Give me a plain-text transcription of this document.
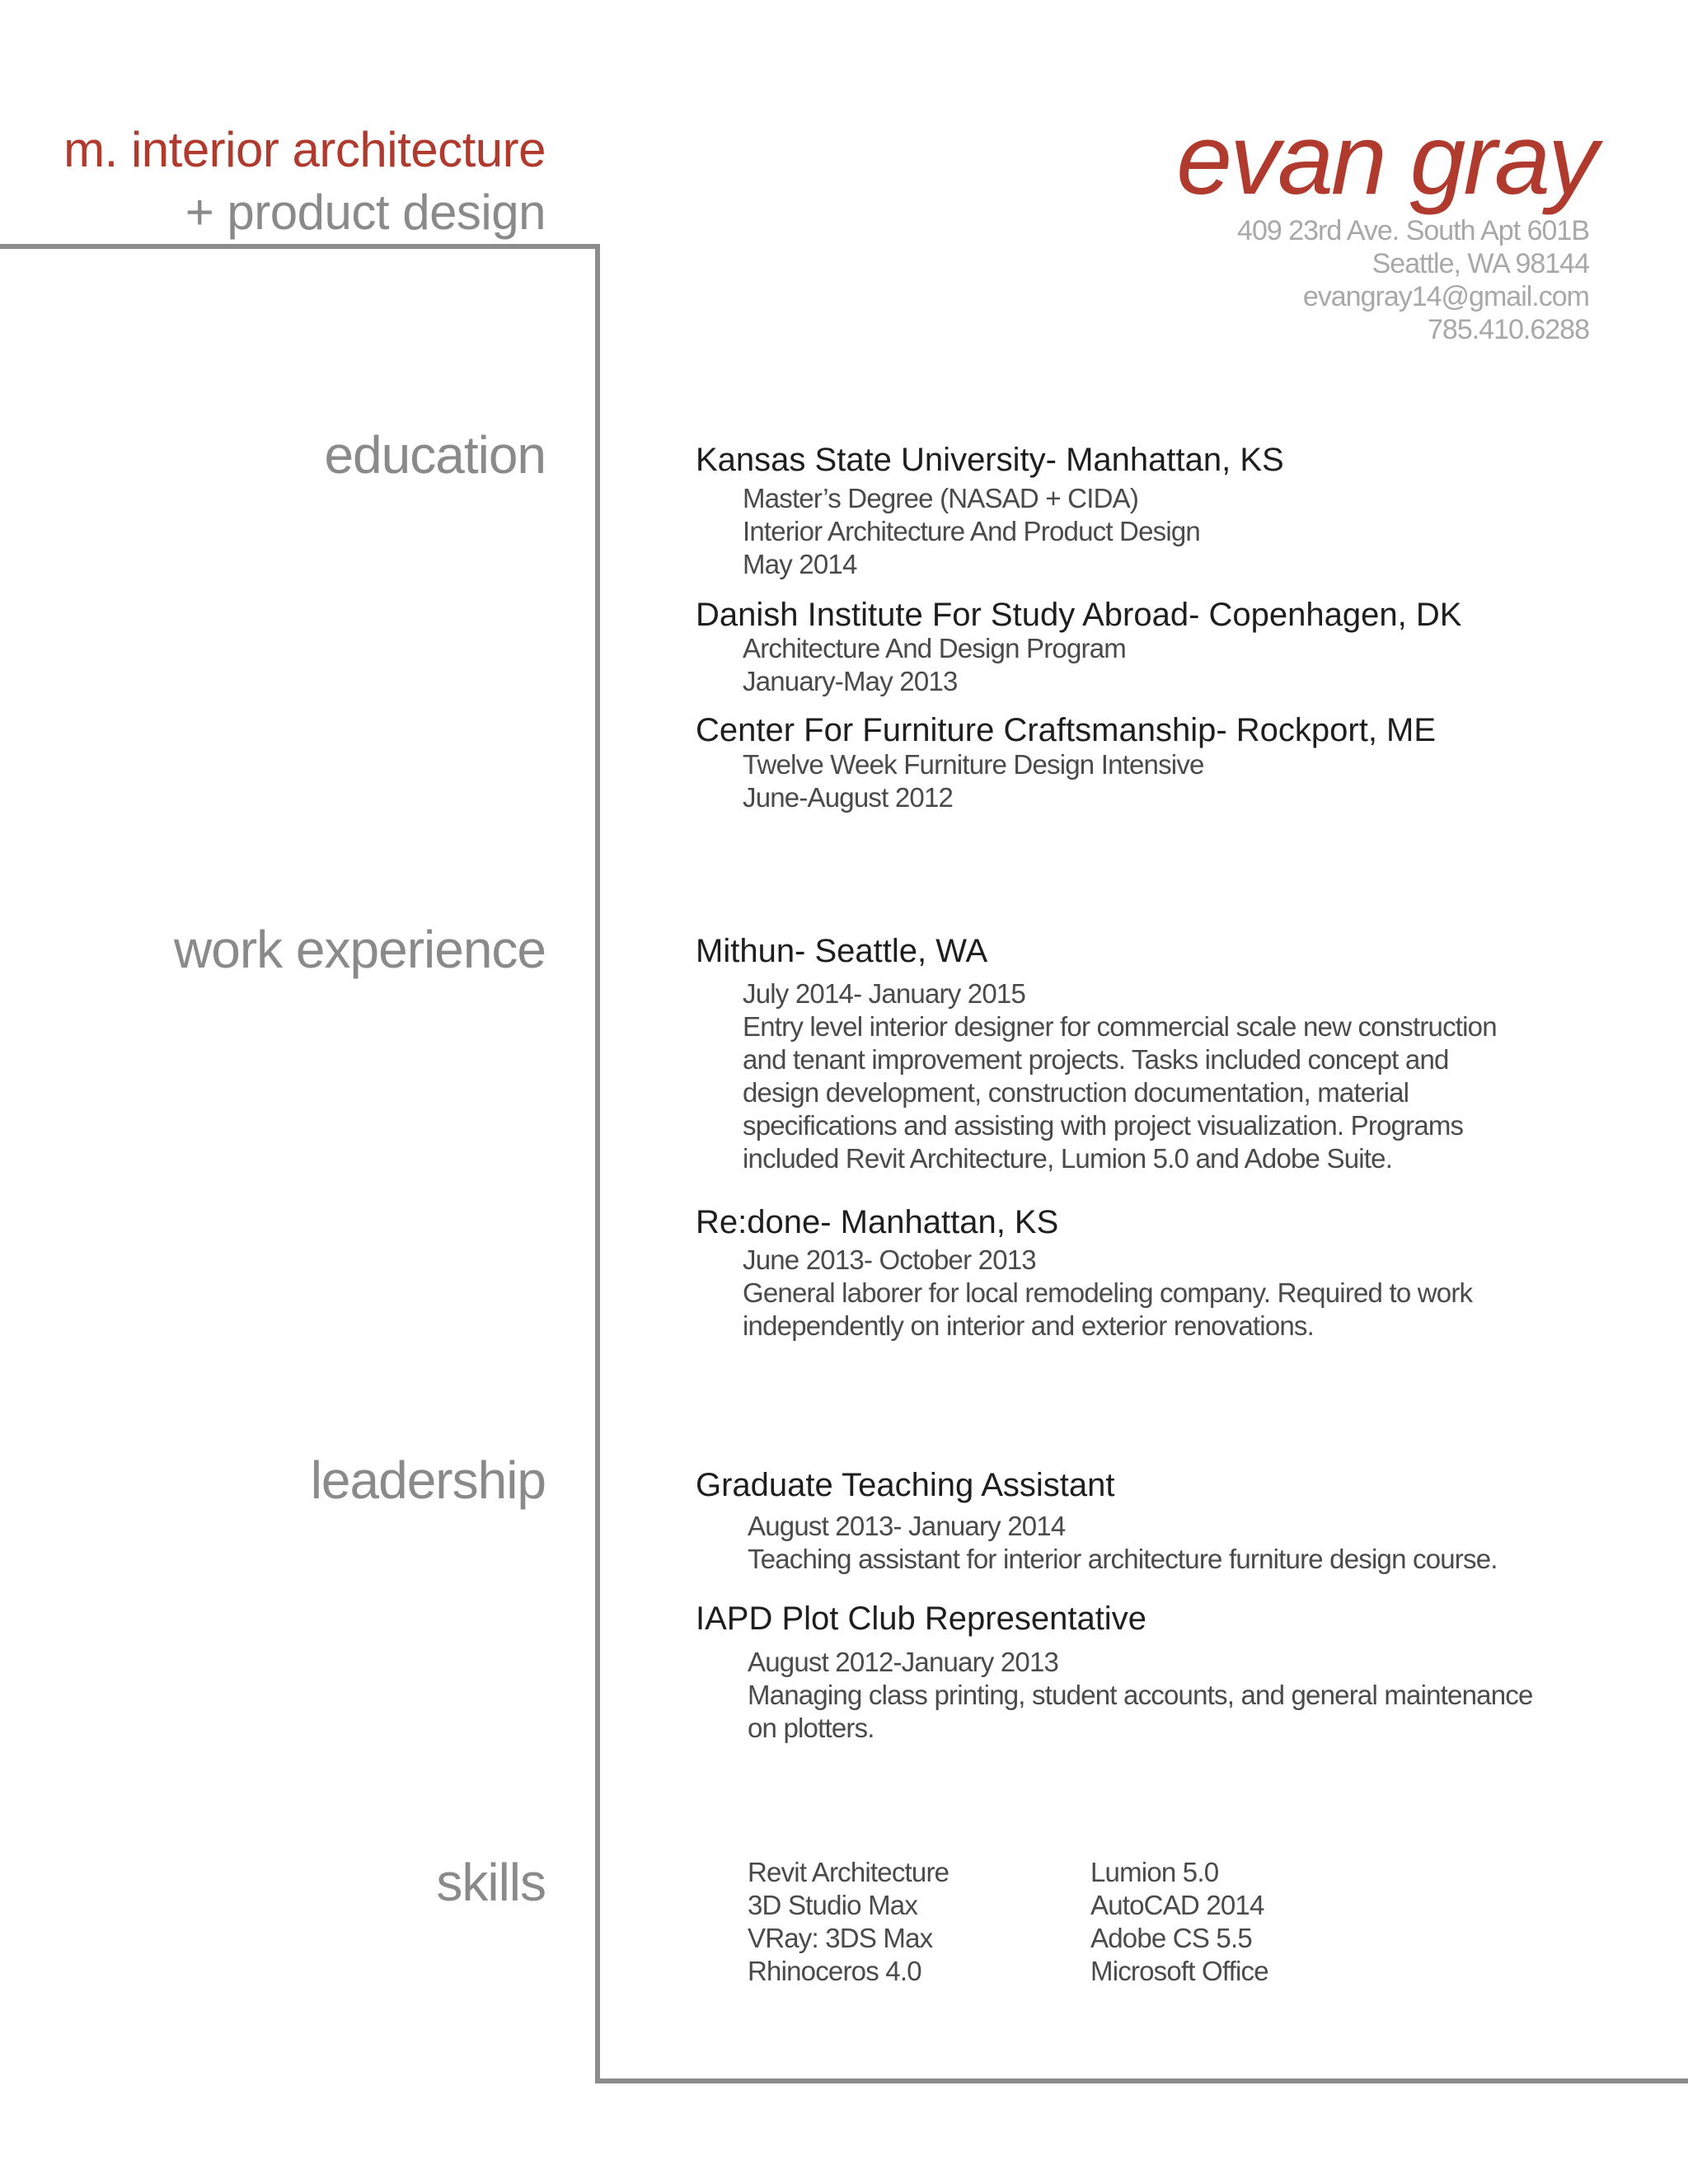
m. interior architecture
+ product design	evan gray
409 23rd Ave. South Apt 601B
Seattle, WA 98144
evangray14@gmail.com
785.410.6288
education
work experience
leadership
skills
Kansas State University- Manhattan, KS
Master’s Degree (NASAD + CIDA)
Interior Architecture And Product Design
May 2014
Danish Institute For Study Abroad- Copenhagen, DK
Architecture And Design Program
January-May 2013
Center For Furniture Craftsmanship- Rockport, ME
Twelve Week Furniture Design Intensive
June-August 2012
Mithun- Seattle, WA
July 2014- January 2015
Entry level interior designer for commercial scale new construction
and tenant improvement projects. Tasks included concept and
design development, construction documentation, material
specifications and assisting with project visualization. Programs
included Revit Architecture, Lumion 5.0 and Adobe Suite.
Re:done- Manhattan, KS
June 2013- October 2013
General laborer for local remodeling company. Required to work
independently on interior and exterior renovations.
Graduate Teaching Assistant
August 2013- January 2014
Teaching assistant for interior architecture furniture design course.
IAPD Plot Club Representative
August 2012-January 2013
Managing class printing, student accounts, and general maintenance
on plotters.
Revit Architecture
3D Studio Max
VRay: 3DS Max
Rhinoceros 4.0
Lumion 5.0
AutoCAD 2014
Adobe CS 5.5
Microsoft Office
